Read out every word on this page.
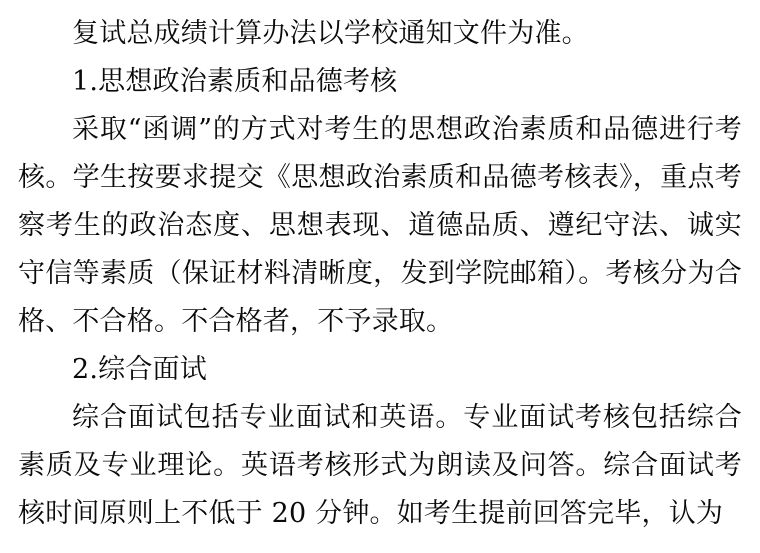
复试总成绩计算办法以学校通知文件为准。

1.思想政治素质和品德考核

采取“函调”的方式对考生的思想政治素质和品德进行考核。学生按要求提交《思想政治素质和品德考核表》，重点考察考生的政治态度、思想表现、道德品质、遵纪守法、诚实守信等素质（保证材料清晰度，发到学院邮箱）。考核分为合格、不合格。不合格者，不予录取。

2.综合面试

综合面试包括专业面试和英语。专业面试考核包括综合素质及专业理论。英语考核形式为朗读及问答。综合面试考核时间原则上不低于 20 分钟。如考生提前回答完毕，认为
